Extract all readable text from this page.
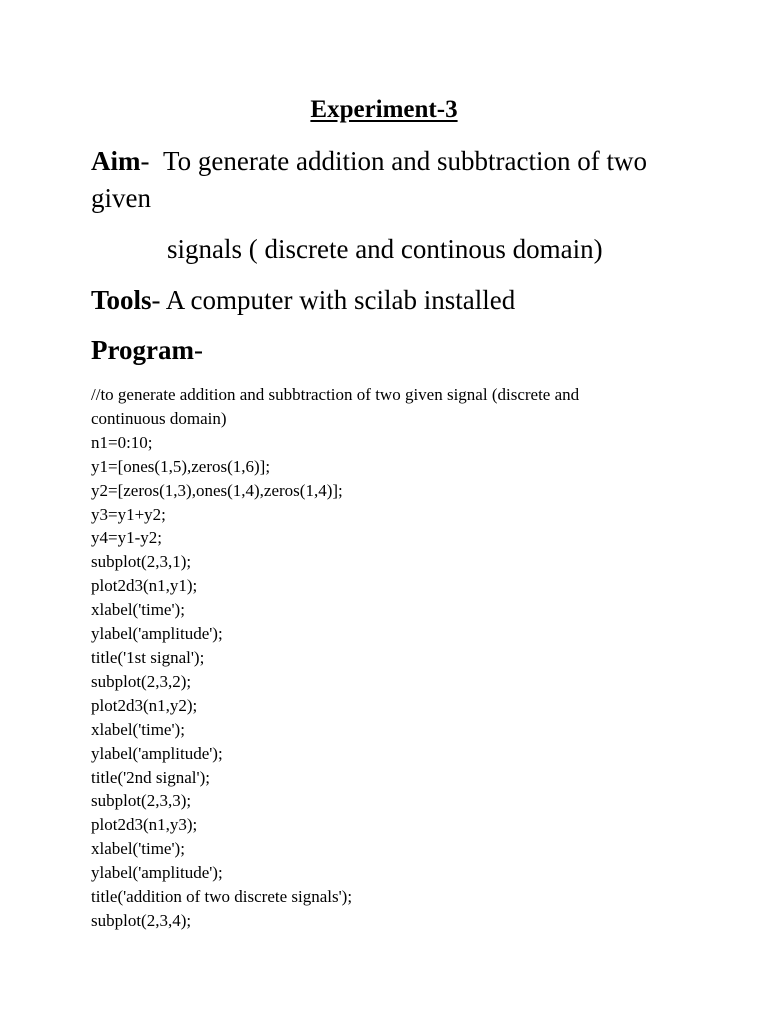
Experiment-3
Aim- To generate addition and subbtraction of two
given
signals ( discrete and continous domain)
Tools- A computer with scilab installed
Program-
//to generate addition and subbtraction of two given signal (discrete and
continuous domain)
n1=0:10;
y1=[ones(1,5),zeros(1,6)];
y2=[zeros(1,3),ones(1,4),zeros(1,4)];
y3=y1+y2;
y4=y1-y2;
subplot(2,3,1);
plot2d3(n1,y1);
xlabel('time');
ylabel('amplitude');
title('1st signal');
subplot(2,3,2);
plot2d3(n1,y2);
xlabel('time');
ylabel('amplitude');
title('2nd signal');
subplot(2,3,3);
plot2d3(n1,y3);
xlabel('time');
ylabel('amplitude');
title('addition of two discrete signals');
subplot(2,3,4);
